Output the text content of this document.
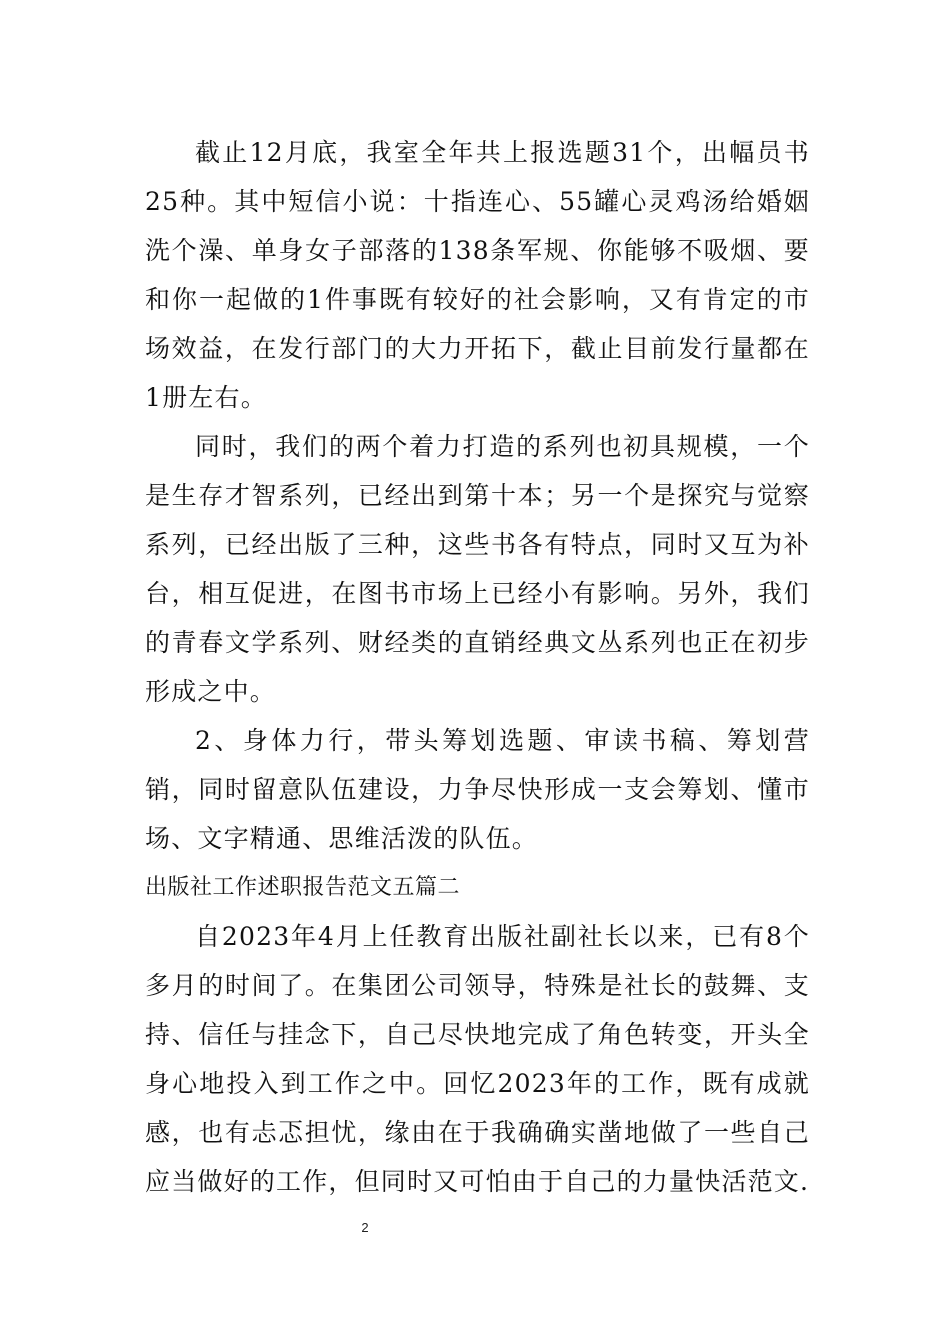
截止12月底，我室全年共上报选题31个，出幅员书25种。其中短信小说：十指连心、55罐心灵鸡汤给婚姻洗个澡、单身女子部落的138条军规、你能够不吸烟、要和你一起做的1件事既有较好的社会影响，又有肯定的市场效益，在发行部门的大力开拓下，截止目前发行量都在1册左右。

同时，我们的两个着力打造的系列也初具规模，一个是生存才智系列，已经出到第十本；另一个是探究与觉察系列，已经出版了三种，这些书各有特点，同时又互为补台，相互促进，在图书市场上已经小有影响。另外，我们的青春文学系列、财经类的直销经典文丛系列也正在初步形成之中。

2、身体力行，带头筹划选题、审读书稿、筹划营销，同时留意队伍建设，力争尽快形成一支会筹划、懂市场、文字精通、思维活泼的队伍。

出版社工作述职报告范文五篇二

自2023年4月上任教育出版社副社长以来，已有8个多月的时间了。在集团公司领导，特殊是社长的鼓舞、支持、信任与挂念下，自己尽快地完成了角色转变，开头全身心地投入到工作之中。回忆2023年的工作，既有成就感，也有忐忑担忧，缘由在于我确确实凿地做了一些自己应当做好的工作，但同时又可怕由于自己的力量快活范文.

2
